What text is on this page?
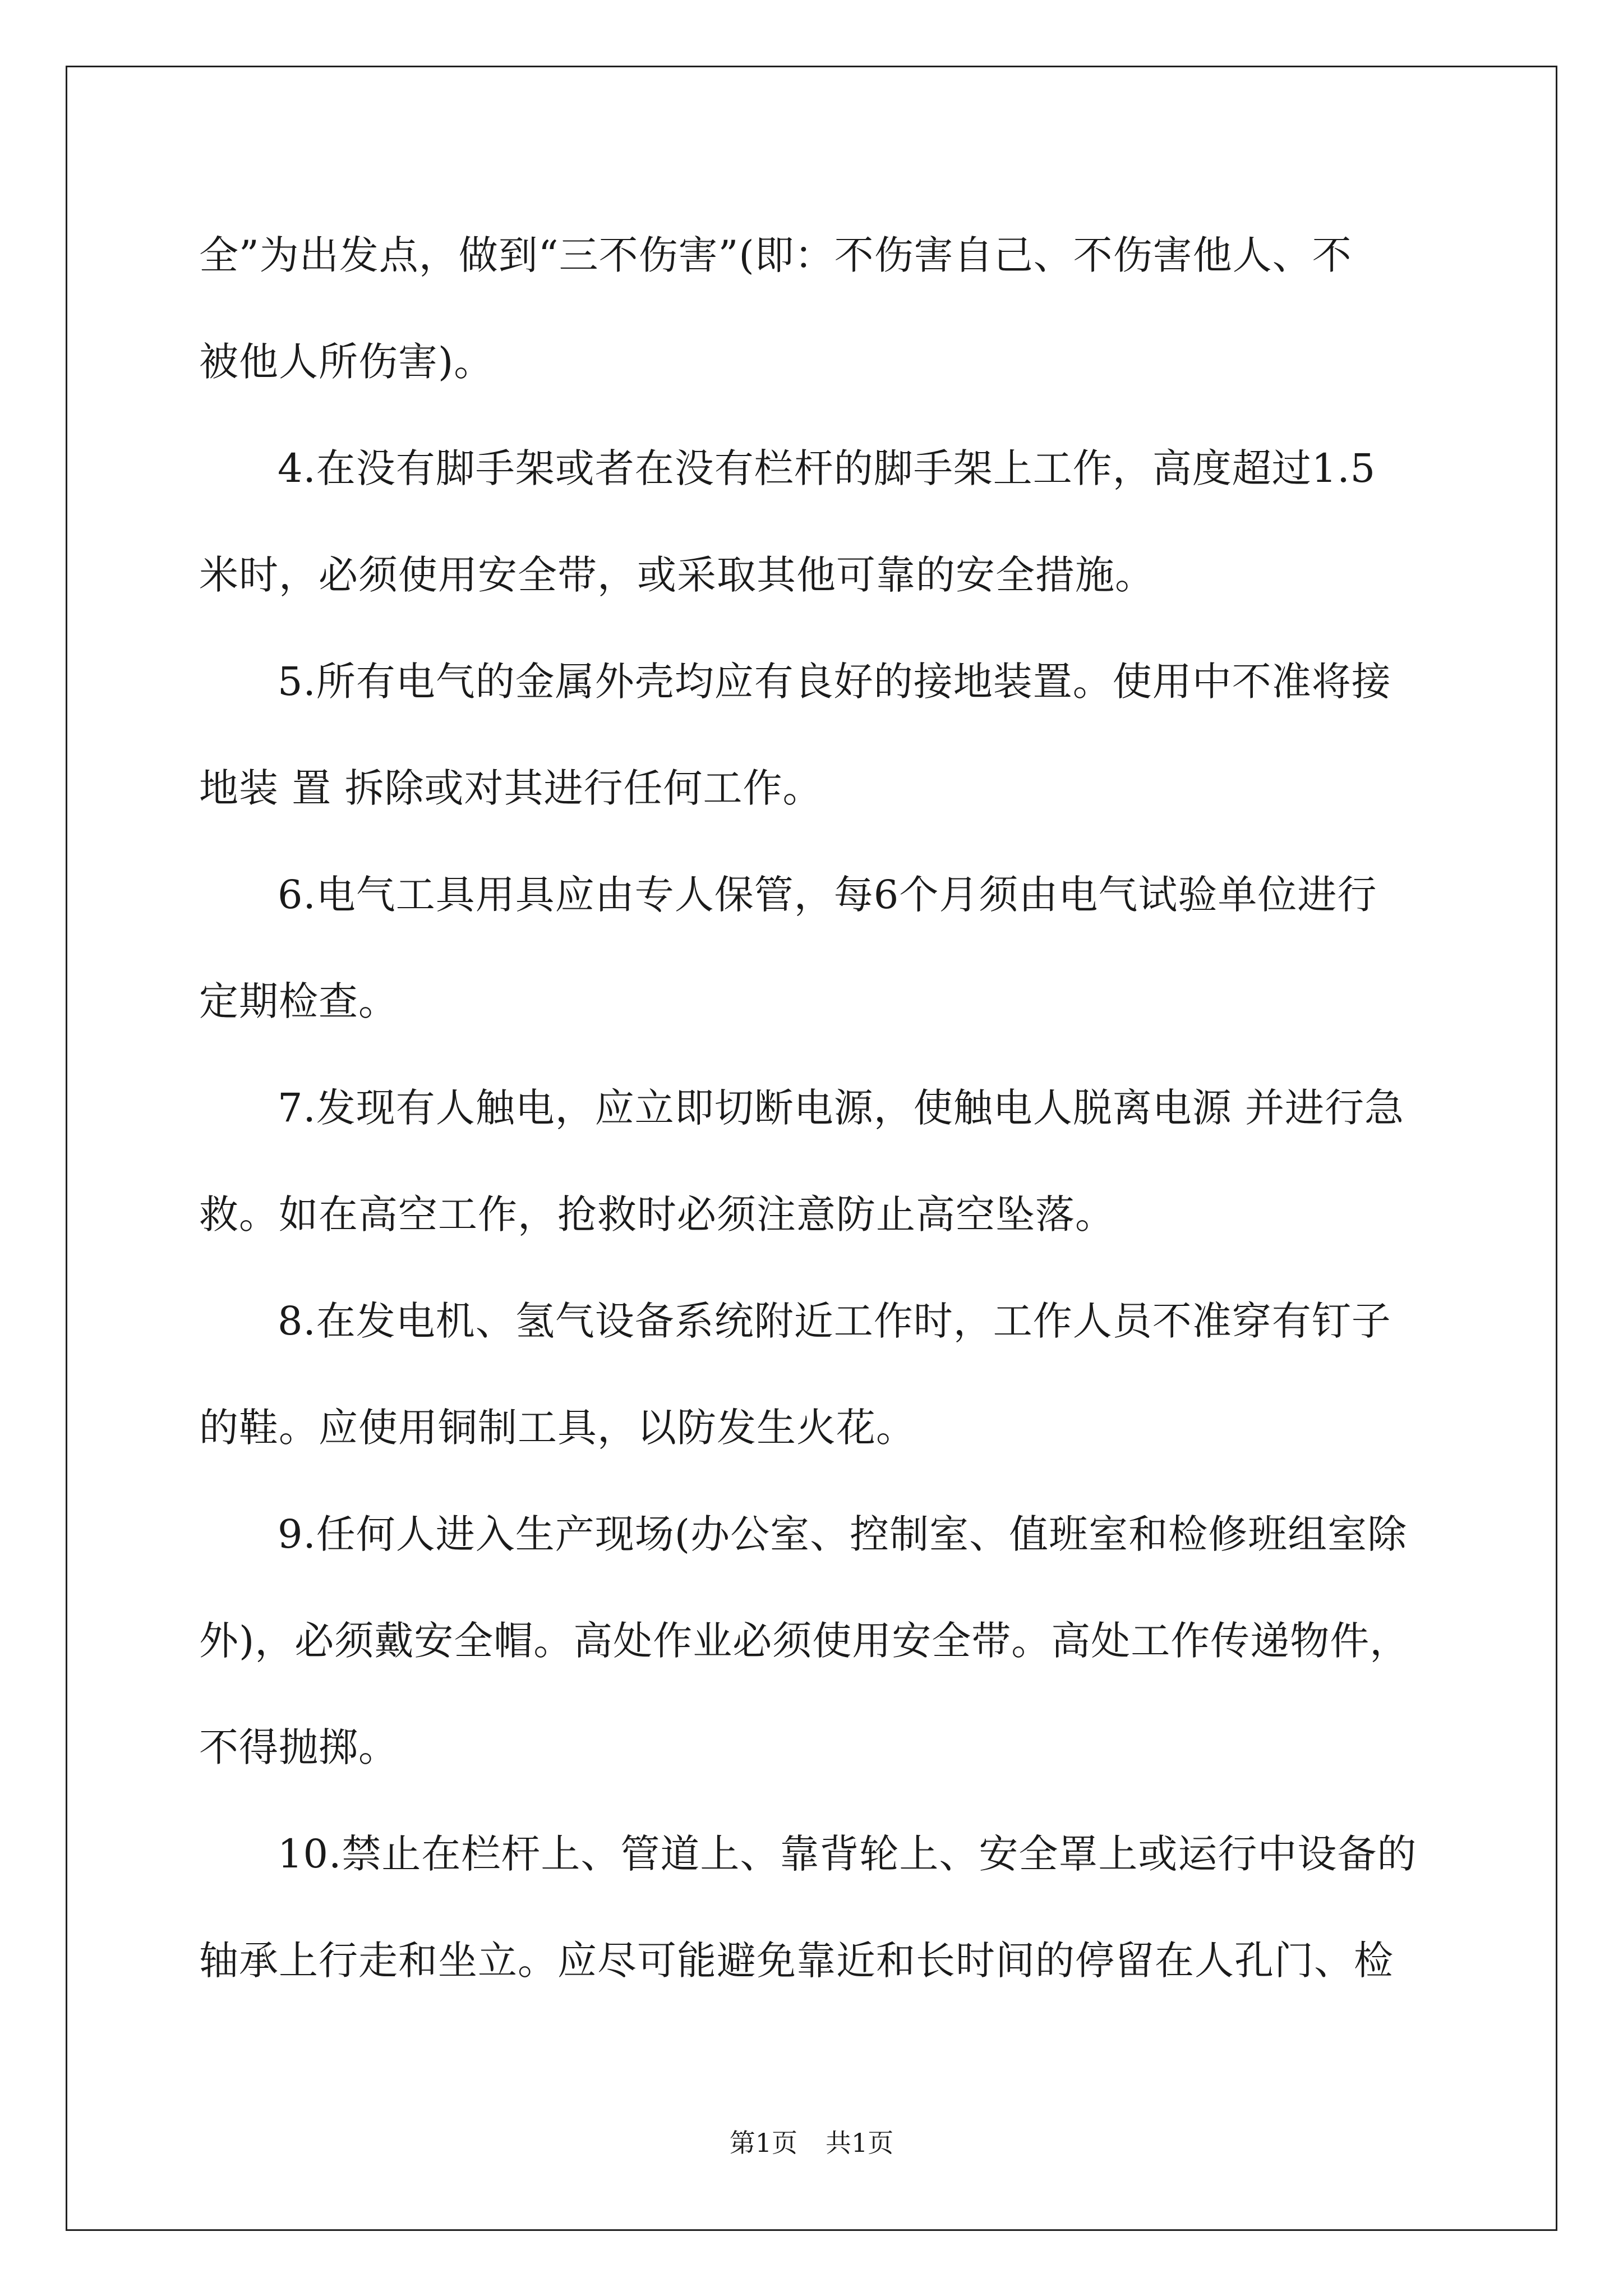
全”为出发点，做到“三不伤害”(即：不伤害自己、不伤害他人、不
被他人所伤害)。
4.在没有脚手架或者在没有栏杆的脚手架上工作，高度超过1.5
米时，必须使用安全带，或采取其他可靠的安全措施。
5.所有电气的金属外壳均应有良好的接地装置。使用中不准将接
地装 置 拆除或对其进行任何工作。
6.电气工具用具应由专人保管，每6个月须由电气试验单位进行
定期检查。
7.发现有人触电，应立即切断电源，使触电人脱离电源 并进行急
救。如在高空工作，抢救时必须注意防止高空坠落。
8.在发电机、氢气设备系统附近工作时，工作人员不准穿有钉子
的鞋。应使用铜制工具，以防发生火花。
9.任何人进入生产现场(办公室、控制室、值班室和检修班组室除
外)，必须戴安全帽。高处作业必须使用安全带。高处工作传递物件，
不得抛掷。
10.禁止在栏杆上、管道上、靠背轮上、安全罩上或运行中设备的
轴承上行走和坐立。应尽可能避免靠近和长时间的停留在人孔门、检
第1页 共1页
